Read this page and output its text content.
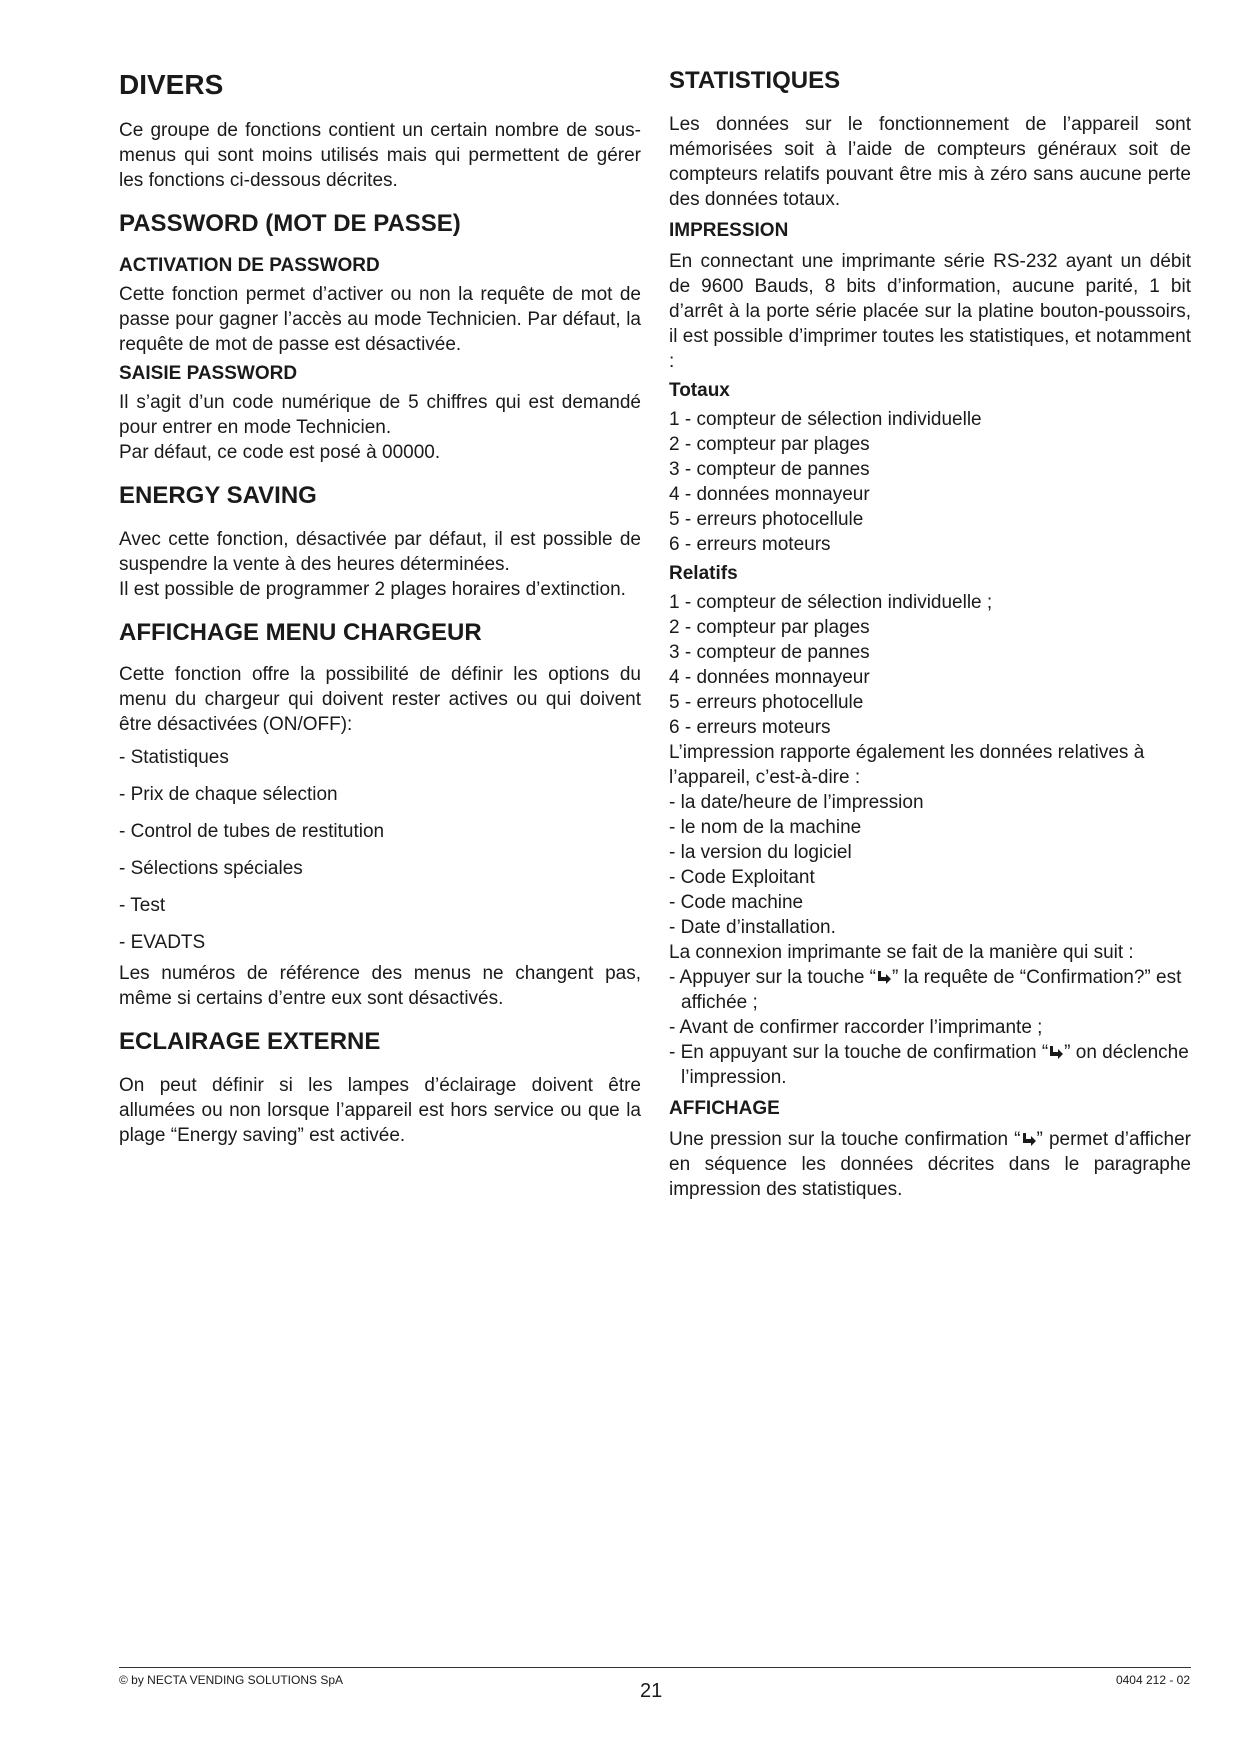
DIVERS

Ce groupe de fonctions contient un certain nombre de sous-menus qui sont moins utilisés mais qui permettent de gérer les fonctions ci-dessous décrites.

PASSWORD (MOT DE PASSE)
ACTIVATION DE PASSWORD

Cette fonction permet d’activer ou non la requête de mot de passe pour gagner l’accès au mode Technicien. Par défaut, la requête de mot de passe est désactivée.

SAISIE PASSWORD

Il s’agit d’un code numérique de 5 chiffres qui est demandé pour entrer en mode Technicien.

Par défaut, ce code est posé à 00000.

ENERGY SAVING

Avec cette fonction, désactivée par défaut, il est possible de suspendre la vente à des heures déterminées.

Il est possible de programmer 2 plages horaires d’extinction.

AFFICHAGE MENU CHARGEUR

Cette fonction offre la possibilité de définir les options du menu du chargeur qui doivent rester actives ou qui doivent être désactivées (ON/OFF):

- Statistiques
- Prix de chaque sélection
- Control de tubes de restitution
- Sélections spéciales
- Test
- EVADTS

Les numéros de référence des menus ne changent pas, même si certains d’entre eux sont désactivés.

ECLAIRAGE EXTERNE

On peut définir si les lampes d’éclairage doivent être allumées ou non lorsque l’appareil est hors service ou que la plage “Energy saving” est activée.

STATISTIQUES

Les données sur le fonctionnement de l’appareil sont mémorisées soit à l’aide de compteurs généraux soit de compteurs relatifs pouvant être mis à zéro sans aucune perte des données totaux.

IMPRESSION

En connectant une imprimante série RS-232 ayant un débit de 9600 Bauds, 8 bits d’information, aucune parité, 1 bit d’arrêt à la porte série placée sur la platine bouton-poussoirs, il est possible d’imprimer toutes les statistiques, et notamment :

Totaux

1 - compteur de sélection individuelle

2 - compteur par plages

3 - compteur de pannes

4 - données monnayeur

5 - erreurs photocellule

6 - erreurs moteurs

Relatifs

1 - compteur de sélection individuelle ;

2 - compteur par plages

3 - compteur de pannes

4 - données monnayeur

5 - erreurs photocellule

6 - erreurs moteurs

L’impression rapporte également les données relatives à l’appareil, c’est-à-dire :

- la date/heure de l’impression

- le nom de la machine

- la version du logiciel

- Code Exploitant

- Code machine

- Date d’installation.

La connexion imprimante se fait de la manière qui suit :

- Appuyer sur la touche “ ” la requête de “Confirmation?” est affichée ;

- Avant de confirmer raccorder l’imprimante ;

- En appuyant sur la touche de confirmation “ ” on déclenche l’impression.

AFFICHAGE

Une pression sur la touche confirmation “ ” permet d’afficher en séquence les données décrites dans le paragraphe impression des statistiques.

© by NECTA VENDING SOLUTIONS SpA	21	0404 212 - 02
